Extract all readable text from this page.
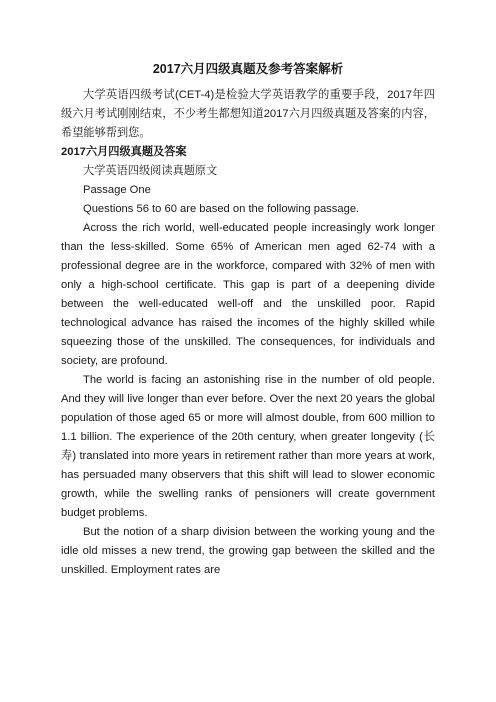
2017六月四级真题及参考答案解析

大学英语四级考试(CET-4)是检验大学英语教学的重要手段，2017年四级六月考试刚刚结束，不少考生都想知道2017六月四级真题及答案的内容，希望能够帮到您。

2017六月四级真题及答案

大学英语四级阅读真题原文

Passage One

Questions 56 to 60 are based on the following passage.

Across the rich world, well-educated people increasingly work longer than the less-skilled. Some 65% of American men aged 62-74 with a professional degree are in the workforce, compared with 32% of men with only a high-school certificate. This gap is part of a deepening divide between the well-educated well-off and the unskilled poor. Rapid technological advance has raised the incomes of the highly skilled while squeezing those of the unskilled. The consequences, for individuals and society, are profound.

The world is facing an astonishing rise in the number of old people. And they will live longer than ever before. Over the next 20 years the global population of those aged 65 or more will almost double, from 600 million to 1.1 billion. The experience of the 20th century, when greater longevity (长寿) translated into more years in retirement rather than more years at work, has persuaded many observers that this shift will lead to slower economic growth, while the swelling ranks of pensioners will create government budget problems.

But the notion of a sharp division between the working young and the idle old misses a new trend, the growing gap between the skilled and the unskilled. Employment rates are
